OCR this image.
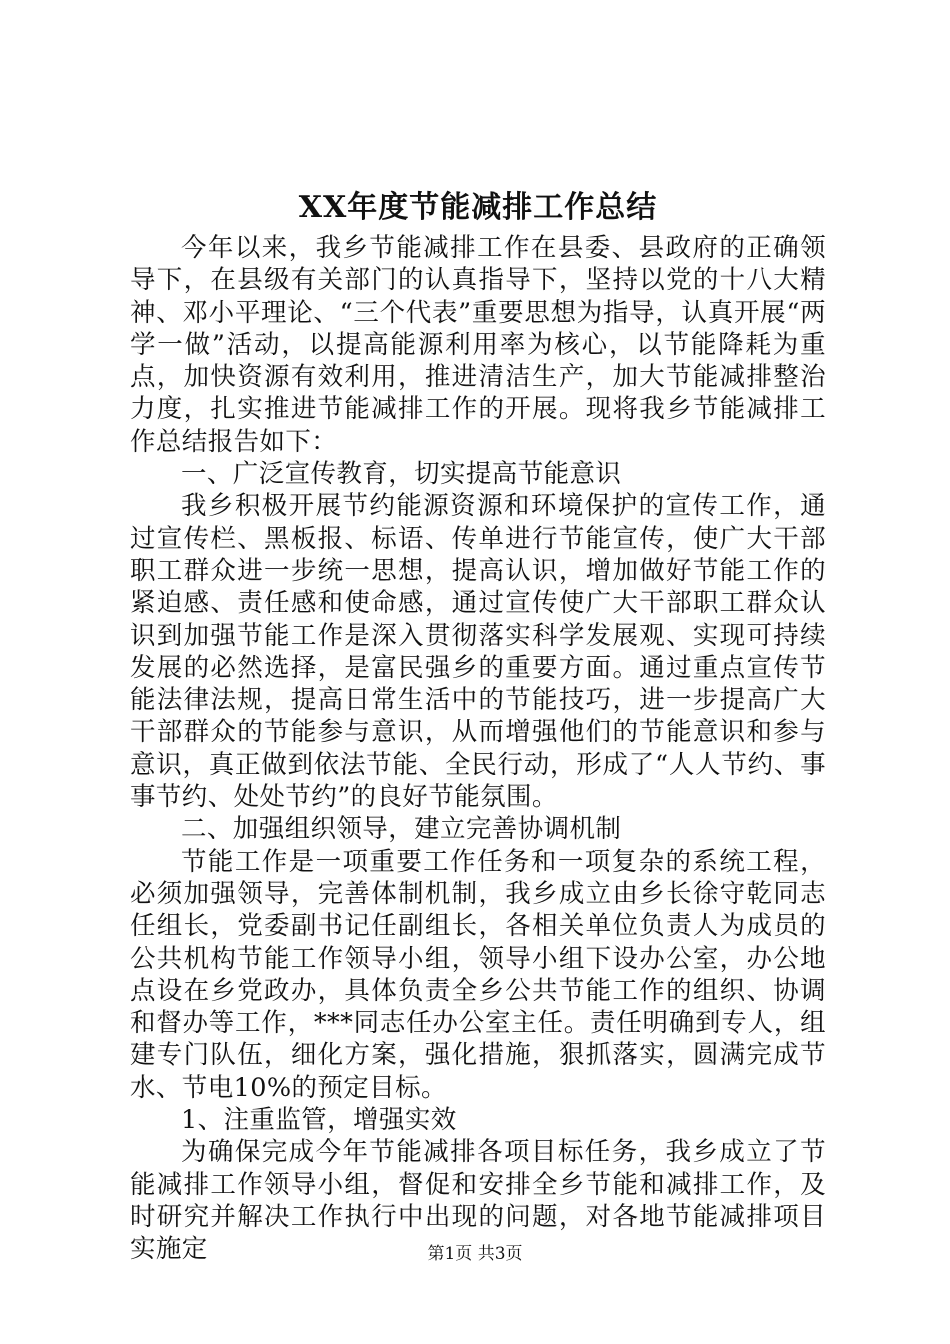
XX年度节能减排工作总结

今年以来，我乡节能减排工作在县委、县政府的正确领导下，在县级有关部门的认真指导下，坚持以党的十八大精神、邓小平理论、“三个代表”重要思想为指导，认真开展“两学一做”活动，以提高能源利用率为核心，以节能降耗为重点，加快资源有效利用，推进清洁生产，加大节能减排整治力度，扎实推进节能减排工作的开展。现将我乡节能减排工作总结报告如下：

一、广泛宣传教育，切实提高节能意识

我乡积极开展节约能源资源和环境保护的宣传工作，通过宣传栏、黑板报、标语、传单进行节能宣传，使广大干部职工群众进一步统一思想，提高认识，增加做好节能工作的紧迫感、责任感和使命感，通过宣传使广大干部职工群众认识到加强节能工作是深入贯彻落实科学发展观、实现可持续发展的必然选择，是富民强乡的重要方面。通过重点宣传节能法律法规，提高日常生活中的节能技巧，进一步提高广大干部群众的节能参与意识，从而增强他们的节能意识和参与意识，真正做到依法节能、全民行动，形成了“人人节约、事事节约、处处节约”的良好节能氛围。

二、加强组织领导，建立完善协调机制

节能工作是一项重要工作任务和一项复杂的系统工程，必须加强领导，完善体制机制，我乡成立由乡长徐守乾同志任组长，党委副书记任副组长，各相关单位负责人为成员的公共机构节能工作领导小组，领导小组下设办公室，办公地点设在乡党政办，具体负责全乡公共节能工作的组织、协调和督办等工作，***同志任办公室主任。责任明确到专人，组建专门队伍，细化方案，强化措施，狠抓落实，圆满完成节水、节电10%的预定目标。

1、注重监管，增强实效

为确保完成今年节能减排各项目标任务，我乡成立了节能减排工作领导小组，督促和安排全乡节能和减排工作，及时研究并解决工作执行中出现的问题，对各地节能减排项目实施定	第1页 共3页
